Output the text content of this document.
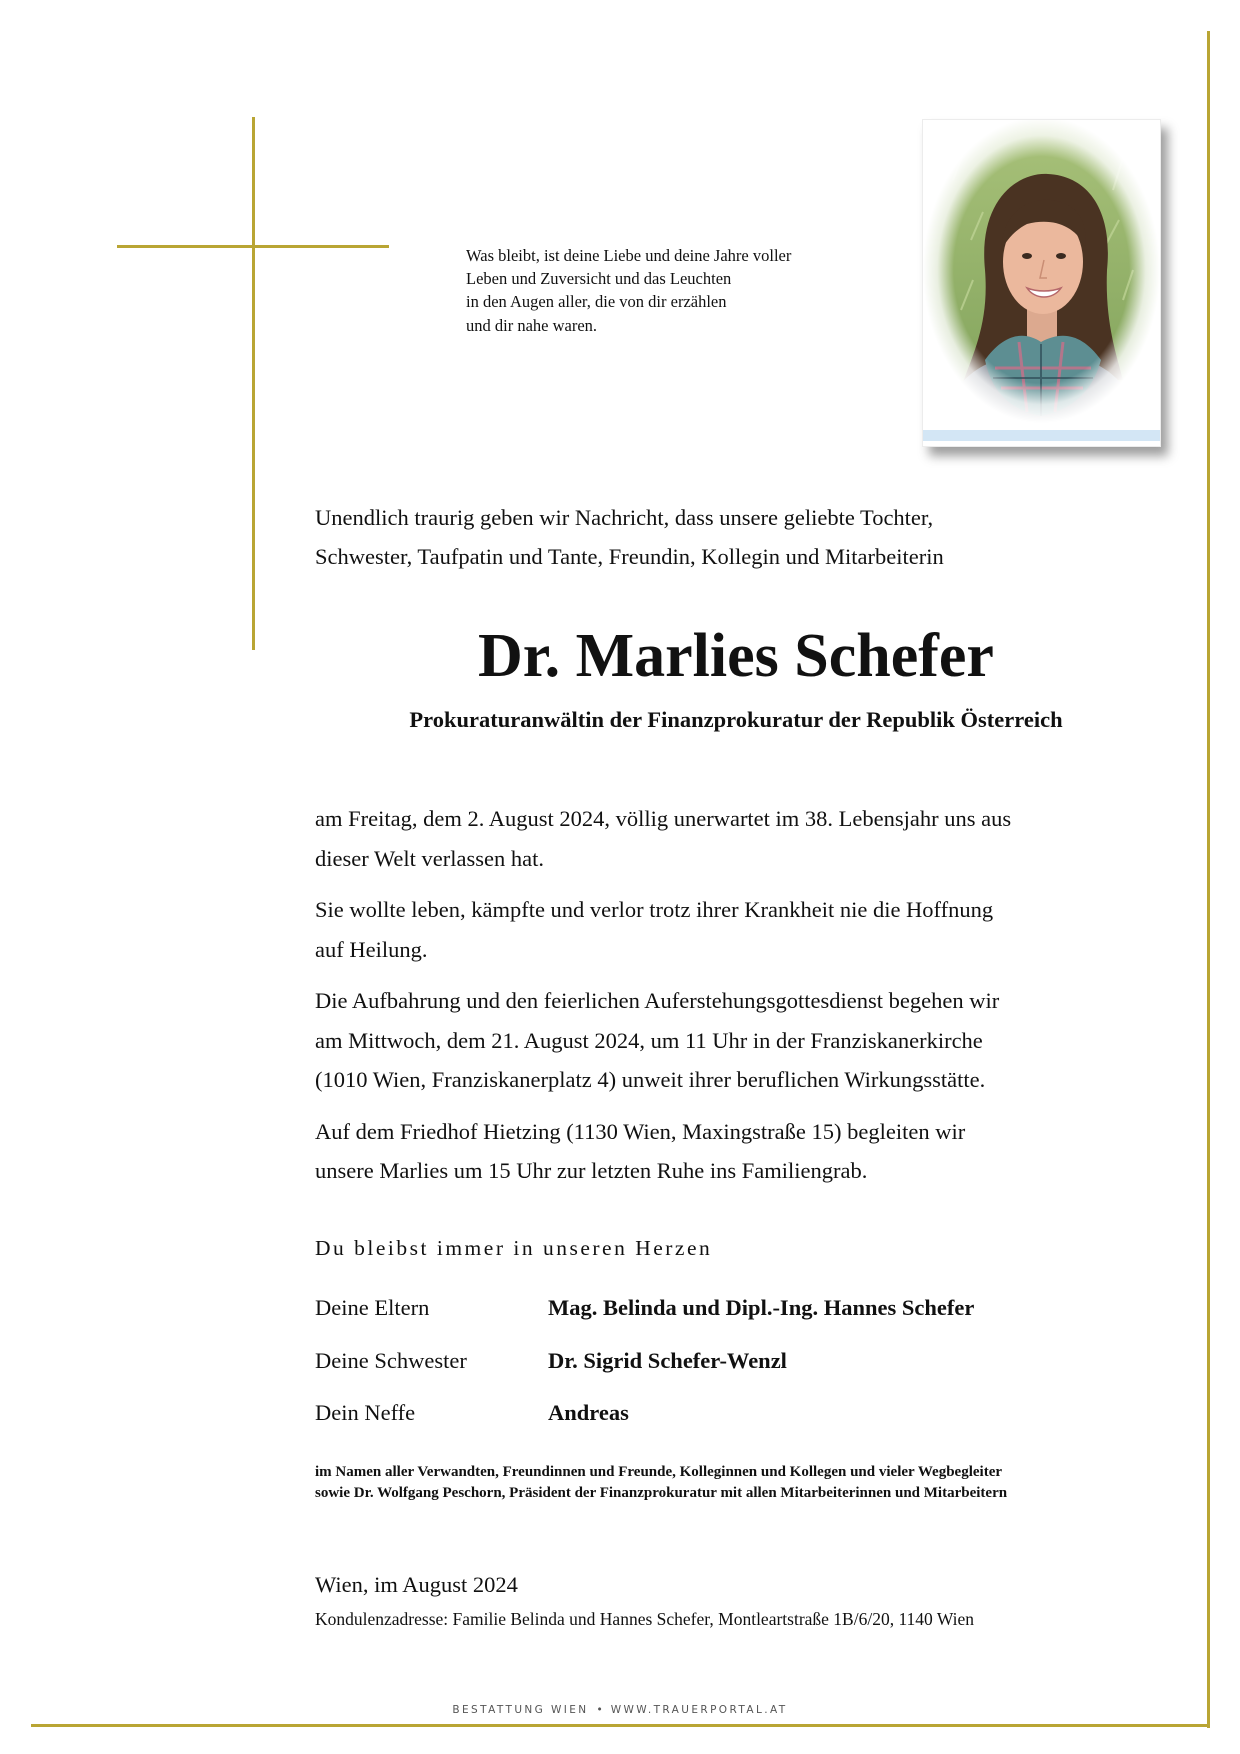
Was bleibt, ist deine Liebe und deine Jahre voller
Leben und Zuversicht und das Leuchten
in den Augen aller, die von dir erzählen
und dir nahe waren.
Unendlich traurig geben wir Nachricht, dass unsere geliebte Tochter,
Schwester, Taufpatin und Tante, Freundin, Kollegin und Mitarbeiterin
Dr. Marlies Schefer
Prokuraturanwältin der Finanzprokuratur der Republik Österreich
am Freitag, dem 2. August 2024, völlig unerwartet im 38. Lebensjahr uns aus
dieser Welt verlassen hat.
Sie wollte leben, kämpfte und verlor trotz ihrer Krankheit nie die Hoffnung
auf Heilung.
Die Aufbahrung und den feierlichen Auferstehungsgottesdienst begehen wir
am Mittwoch, dem 21. August 2024, um 11 Uhr in der Franziskanerkirche
(1010 Wien, Franziskanerplatz 4) unweit ihrer beruflichen Wirkungsstätte.
Auf dem Friedhof Hietzing (1130 Wien, Maxingstraße 15) begleiten wir
unsere Marlies um 15 Uhr zur letzten Ruhe ins Familiengrab.
Du bleibst immer in unseren Herzen
Deine Eltern	Mag. Belinda und Dipl.-Ing. Hannes Schefer
Deine Schwester	Dr. Sigrid Schefer-Wenzl
Dein Neffe	Andreas
im Namen aller Verwandten, Freundinnen und Freunde, Kolleginnen und Kollegen und vieler Wegbegleiter
sowie Dr. Wolfgang Peschorn, Präsident der Finanzprokuratur mit allen Mitarbeiterinnen und Mitarbeitern
Wien, im August 2024
Kondulenzadresse: Familie Belinda und Hannes Schefer, Montleartstraße 1B/6/20, 1140 Wien
BESTATTUNG WIEN • WWW.TRAUERPORTAL.AT
